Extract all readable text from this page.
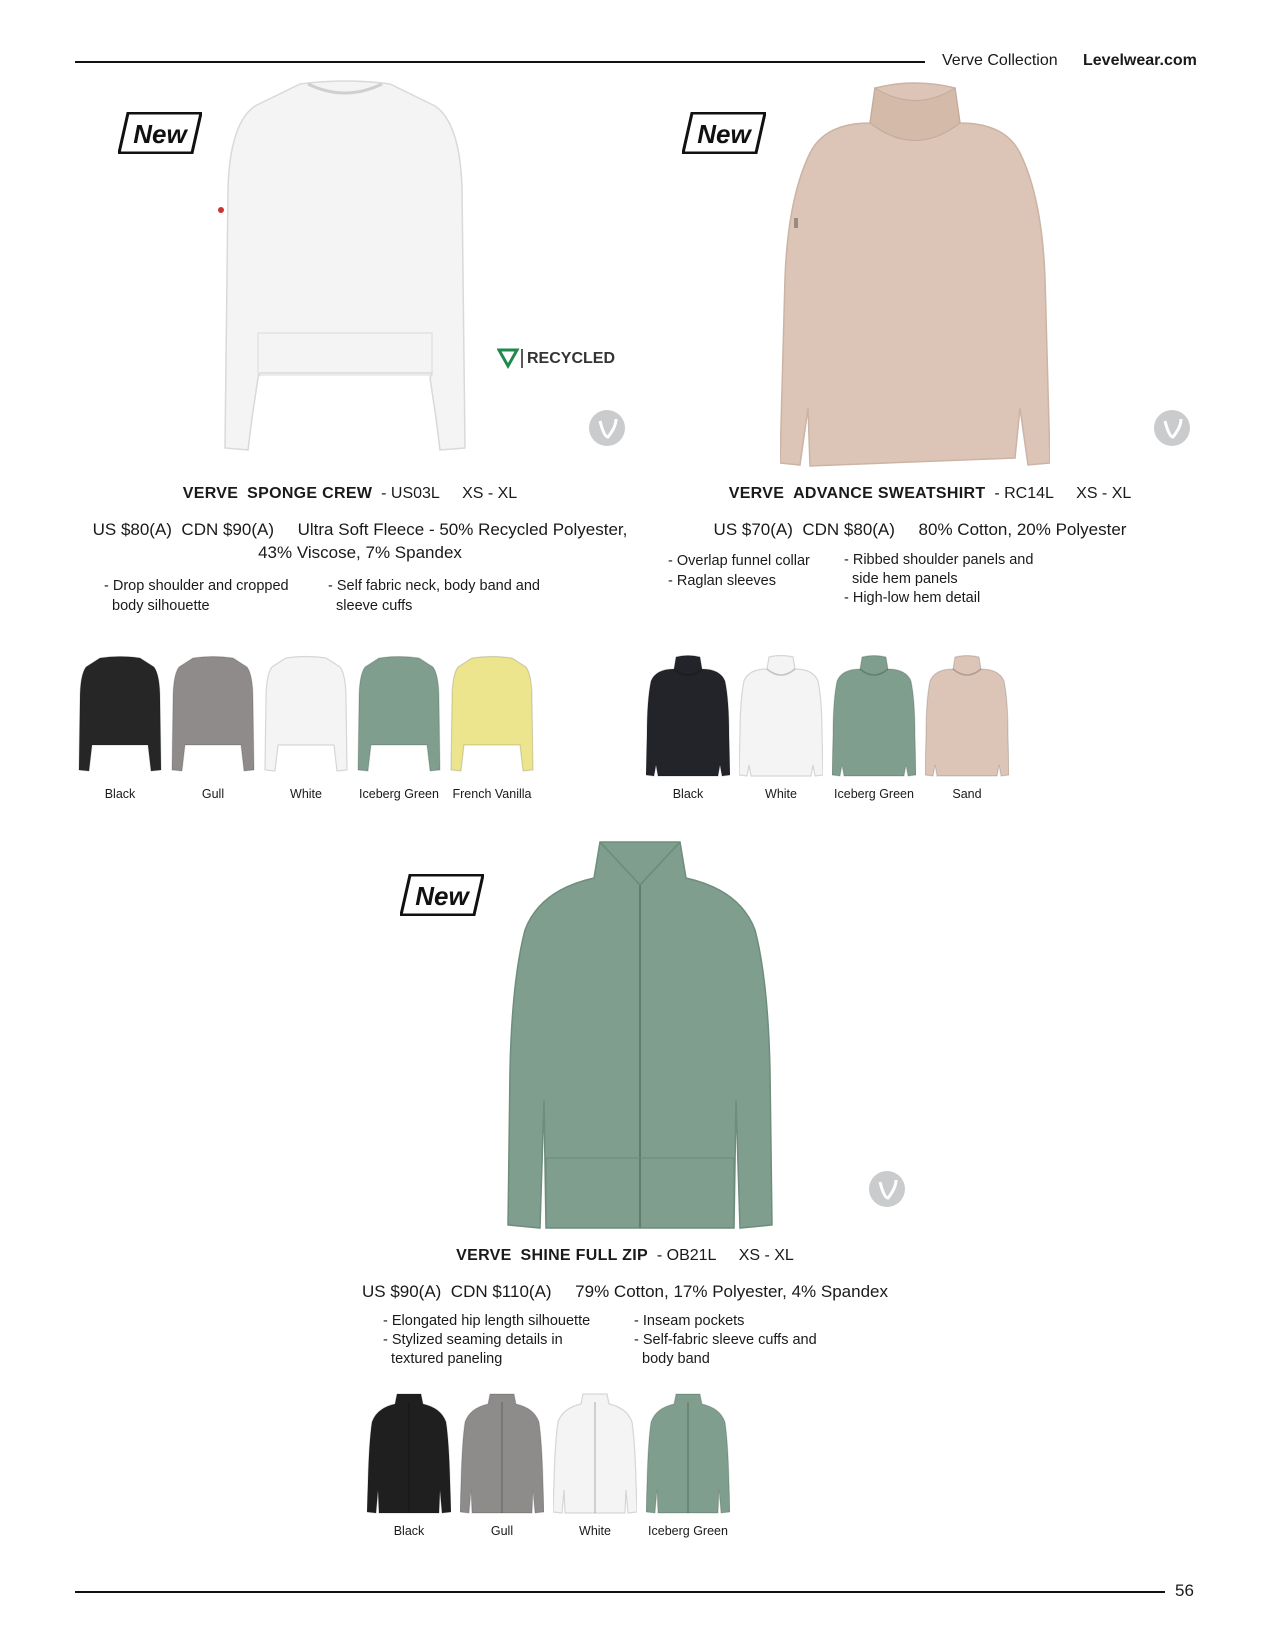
Verve Collection Levelwear.com
New
RECYCLED
VERVE SPONGE CREW - US03L XS - XL
US $80(A)  CDN $90(A)     Ultra Soft Fleece - 50% Recycled Polyester,
43% Viscose, 7% Spandex
- Drop shoulder and cropped
body silhouette
- Self fabric neck, body band and
sleeve cuffs
Black	Gull	White	Iceberg Green French Vanilla
New
VERVE ADVANCE SWEATSHIRT - RC14L XS - XL
US $70(A)  CDN $80(A)     80% Cotton, 20% Polyester
- Overlap funnel collar
- Raglan sleeves
- Ribbed shoulder panels and
side hem panels
- High-low hem detail
Black	White	Iceberg Green	Sand
New
VERVE SHINE FULL ZIP - OB21L XS - XL
US $90(A)  CDN $110(A)     79% Cotton, 17% Polyester, 4% Spandex
- Elongated hip length silhouette
- Stylized seaming details in
textured paneling
- Inseam pockets
- Self-fabric sleeve cuffs and
body band
Black	Gull	White	Iceberg Green
56
